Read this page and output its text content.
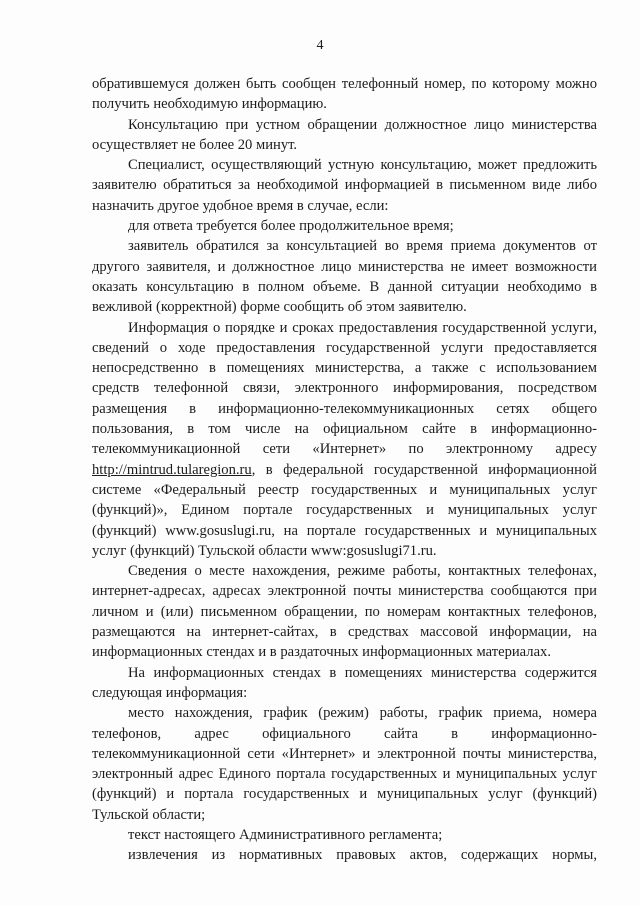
4

обратившемуся должен быть сообщен телефонный номер, по которому можно получить необходимую информацию.

Консультацию при устном обращении должностное лицо министерства осуществляет не более 20 минут.

Специалист, осуществляющий устную консультацию, может предложить заявителю обратиться за необходимой информацией в письменном виде либо назначить другое удобное время в случае, если:

для ответа требуется более продолжительное время;

заявитель обратился за консультацией во время приема документов от другого заявителя, и должностное лицо министерства не имеет возможности оказать консультацию в полном объеме. В данной ситуации необходимо в вежливой (корректной) форме сообщить об этом заявителю.

Информация о порядке и сроках предоставления государственной услуги, сведений о ходе предоставления государственной услуги предоставляется непосредственно в помещениях министерства, а также с использованием средств телефонной связи, электронного информирования, посредством размещения в информационно-телекоммуникационных сетях общего пользования, в том числе на официальном сайте в информационно-телекоммуникационной сети «Интернет» по электронному адресу http://mintrud.tularegion.ru, в федеральной государственной информационной системе «Федеральный реестр государственных и муниципальных услуг (функций)», Едином портале государственных и муниципальных услуг (функций) www.gosuslugi.ru, на портале государственных и муниципальных услуг (функций) Тульской области www:gosuslugi71.ru.

Сведения о месте нахождения, режиме работы, контактных телефонах, интернет-адресах, адресах электронной почты министерства сообщаются при личном и (или) письменном обращении, по номерам контактных телефонов, размещаются на интернет-сайтах, в средствах массовой информации, на информационных стендах и в раздаточных информационных материалах.

На информационных стендах в помещениях министерства содержится следующая информация:

место нахождения, график (режим) работы, график приема, номера телефонов, адрес официального сайта в информационно-телекоммуникационной сети «Интернет» и электронной почты министерства, электронный адрес Единого портала государственных и муниципальных услуг (функций) и портала государственных и муниципальных услуг (функций) Тульской области;

текст настоящего Административного регламента;

извлечения из нормативных правовых актов, содержащих нормы,
